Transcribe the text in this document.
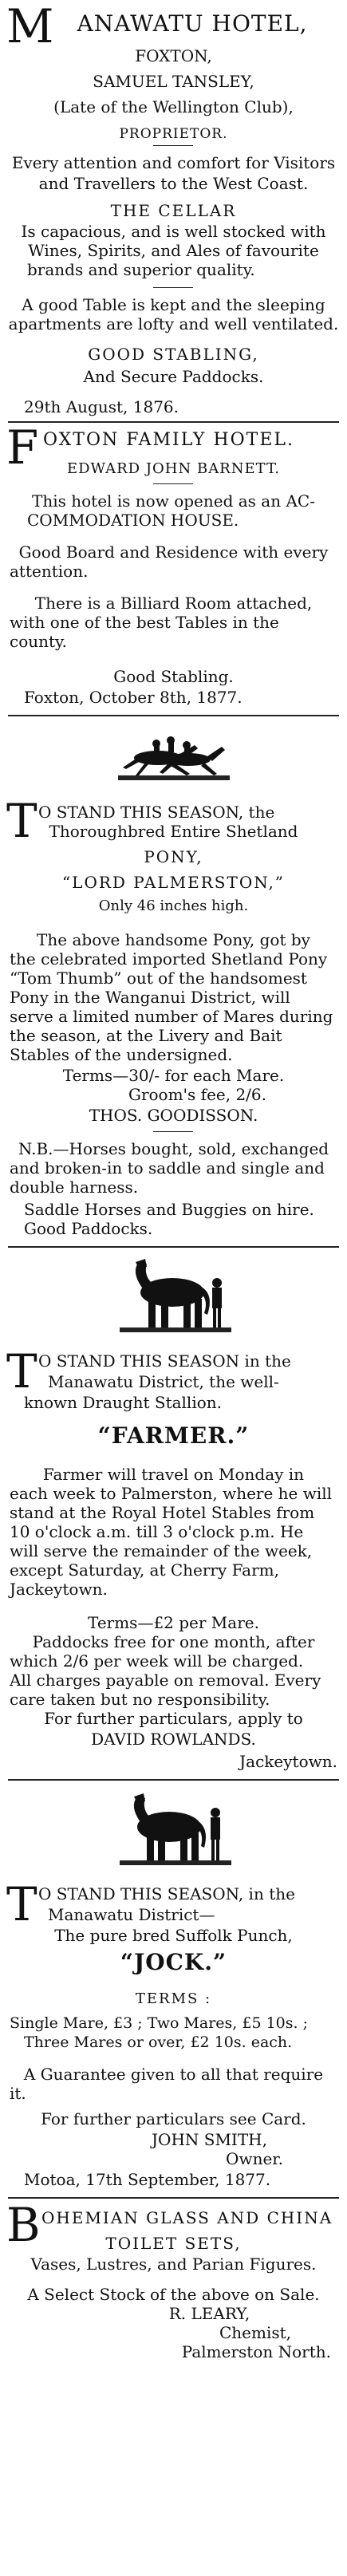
M	ANAWATU HOTEL,
FOXTON,
SAMUEL TANSLEY,
(Late of the Wellington Club),
PROPRIETOR.
Every attention and comfort for Visitors
and Travellers to the West Coast.
THE CELLAR
Is capacious, and is well stocked with
Wines, Spirits, and Ales of favourite
brands and superior quality.
A good Table is kept and the sleeping
apartments are lofty and well ventilated.
GOOD STABLING,
And Secure Paddocks.
29th August, 1876.
F OXTON FAMILY HOTEL.
EDWARD JOHN BARNETT.
This hotel is now opened as an AC-
COMMODATION HOUSE.
Good Board and Residence with every
attention.
There is a Billiard Room attached,
with one of the best Tables in the
county.
Good Stabling.
Foxton, October 8th, 1877.
T O STAND THIS SEASON, the
Thoroughbred Entire Shetland
PONY,
“LORD PALMERSTON,”
Only 46 inches high.
The above handsome Pony, got by
the celebrated imported Shetland Pony
“Tom Thumb” out of the handsomest
Pony in the Wanganui District, will
serve a limited number of Mares during
the season, at the Livery and Bait
Stables of the undersigned.
Terms—30/- for each Mare.
Groom's fee, 2/6.
THOS. GOODISSON.
N.B.—Horses bought, sold, exchanged
and broken-in to saddle and single and
double harness.
Saddle Horses and Buggies on hire.
Good Paddocks.
T O STAND THIS SEASON in the
Manawatu District, the well-
known Draught Stallion.
“FARMER.”
Farmer will travel on Monday in
each week to Palmerston, where he will
stand at the Royal Hotel Stables from
10 o'clock a.m. till 3 o'clock p.m. He
will serve the remainder of the week,
except Saturday, at Cherry Farm,
Jackeytown.
Terms—£2 per Mare.
Paddocks free for one month, after
which 2/6 per week will be charged.
All charges payable on removal. Every
care taken but no responsibility.
For further particulars, apply to
DAVID ROWLANDS.
Jackeytown.
T O STAND THIS SEASON, in the
Manawatu District—
The pure bred Suffolk Punch,
“JOCK.”
TERMS :
Single Mare, £3 ; Two Mares, £5 10s. ;
Three Mares or over, £2 10s. each.
A Guarantee given to all that require
it.
For further particulars see Card.
JOHN SMITH,
Owner.
Motoa, 17th September, 1877.
B OHEMIAN GLASS AND CHINA
TOILET SETS,
Vases, Lustres, and Parian Figures.
A Select Stock of the above on Sale.
R. LEARY,
Chemist,
Palmerston North.
